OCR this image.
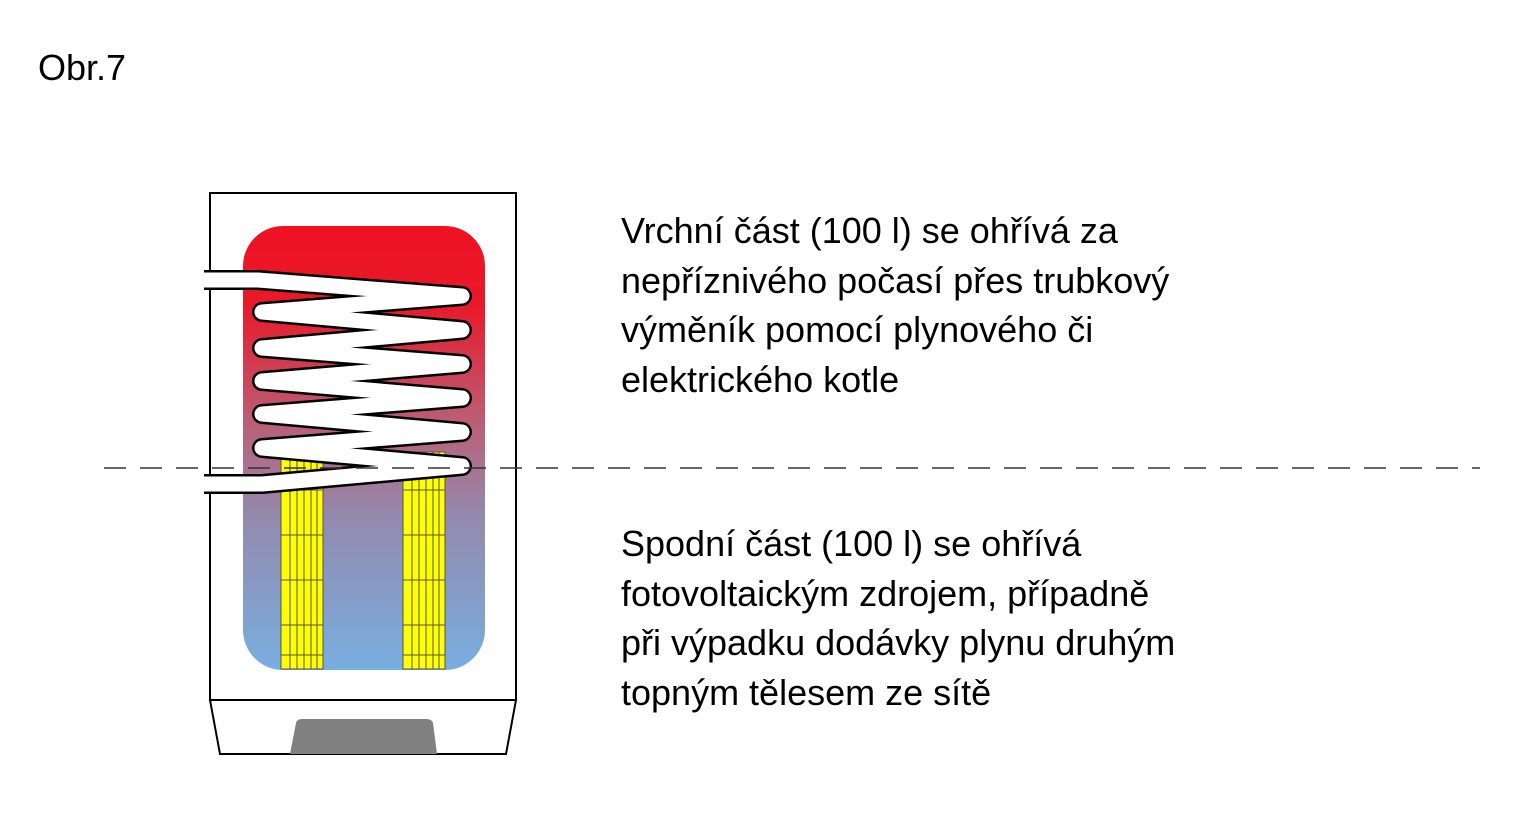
Obr.7
Vrchní část (100 l) se ohřívá za
nepříznivého počasí přes trubkový
výměník pomocí plynového či
elektrického kotle
Spodní část (100 l) se ohřívá
fotovoltaickým zdrojem, případně
při výpadku dodávky plynu druhým
topným tělesem ze sítě
